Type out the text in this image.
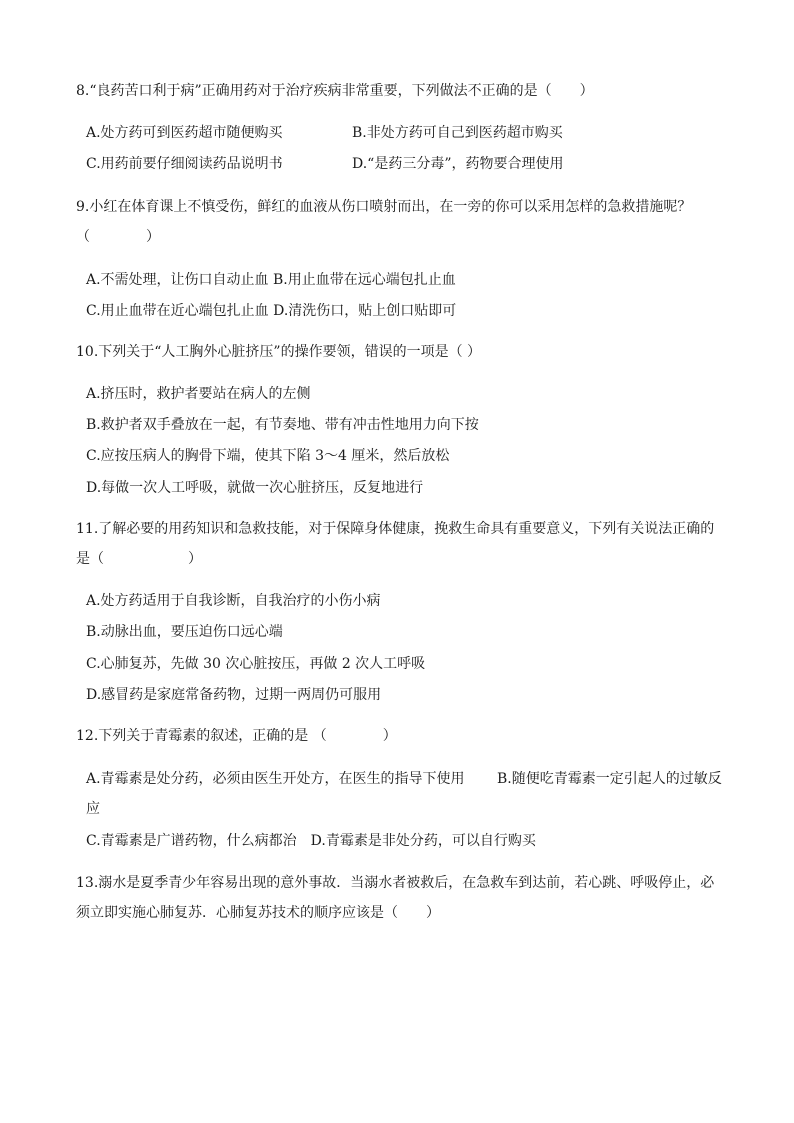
8.“良药苦口利于病”正确用药对于治疗疾病非常重要，下列做法不正确的是（　　）
A.处方药可到医药超市随便购买	B.非处方药可自己到医药超市购买
C.用药前要仔细阅读药品说明书	D.“是药三分毒”，药物要合理使用
9.小红在体育课上不慎受伤，鲜红的血液从伤口喷射而出，在一旁的你可以采用怎样的急救措施呢？
（　　　　）
A.不需处理，让伤口自动止血 B.用止血带在远心端包扎止血
C.用止血带在近心端包扎止血 D.清洗伤口，贴上创口贴即可
10.下列关于“人工胸外心脏挤压”的操作要领，错误的一项是（ ）
A.挤压时，救护者要站在病人的左侧
B.救护者双手叠放在一起，有节奏地、带有冲击性地用力向下按
C.应按压病人的胸骨下端，使其下陷 3～4 厘米，然后放松
D.每做一次人工呼吸，就做一次心脏挤压，反复地进行
11.了解必要的用药知识和急救技能，对于保障身体健康，挽救生命具有重要意义，下列有关说法正确的
是（　　　　　　）
A.处方药适用于自我诊断，自我治疗的小伤小病
B.动脉出血，要压迫伤口远心端
C.心肺复苏，先做 30 次心脏按压，再做 2 次人工呼吸
D.感冒药是家庭常备药物，过期一两周仍可服用
12.下列关于青霉素的叙述，正确的是 （　　　　）
A.青霉素是处分药，必须由医生开处方，在医生的指导下使用　　 B.随便吃青霉素一定引起人的过敏反
应
C.青霉素是广谱药物，什么病都治　D.青霉素是非处分药，可以自行购买
13.溺水是夏季青少年容易出现的意外事故．当溺水者被救后，在急救车到达前，若心跳、呼吸停止，必
须立即实施心肺复苏．心肺复苏技术的顺序应该是（　　）
